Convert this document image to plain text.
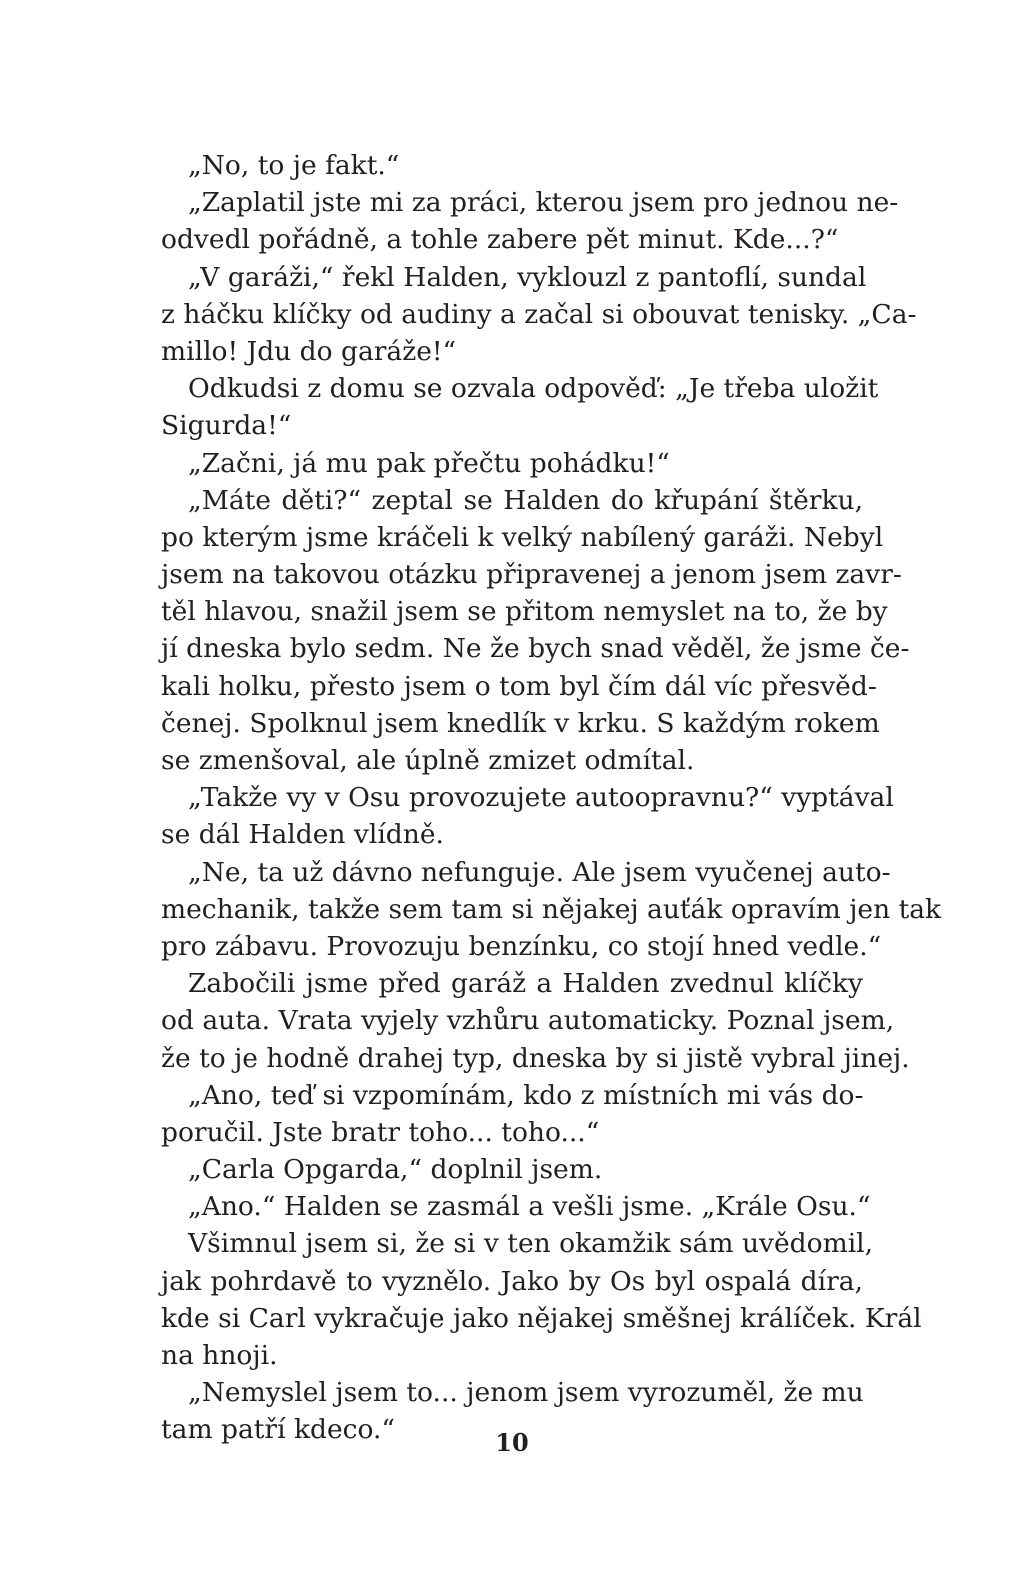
„No, to je fakt.“
„Zaplatil jste mi za práci, kterou jsem pro jednou ne-
odvedl pořádně, a tohle zabere pět minut. Kde...?“
„V garáži,“ řekl Halden, vyklouzl z pantoflí, sundal
z háčku klíčky od audiny a začal si obouvat tenisky. „Ca-
millo! Jdu do garáže!“
Odkudsi z domu se ozvala odpověď: „Je třeba uložit
Sigurda!“
„Začni, já mu pak přečtu pohádku!“
„Máte děti?“ zeptal se Halden do křupání štěrku,
po kterým jsme kráčeli k velký nabílený garáži. Nebyl
jsem na takovou otázku připravenej a jenom jsem zavr-
těl hlavou, snažil jsem se přitom nemyslet na to, že by
jí dneska bylo sedm. Ne že bych snad věděl, že jsme če-
kali holku, přesto jsem o tom byl čím dál víc přesvěd-
čenej. Spolknul jsem knedlík v krku. S každým rokem
se zmenšoval, ale úplně zmizet odmítal.
„Takže vy v Osu provozujete autoopravnu?“ vyptával
se dál Halden vlídně.
„Ne, ta už dávno nefunguje. Ale jsem vyučenej auto-
mechanik, takže sem tam si nějakej auťák opravím jen tak
pro zábavu. Provozuju benzínku, co stojí hned vedle.“
Zabočili jsme před garáž a Halden zvednul klíčky
od auta. Vrata vyjely vzhůru automaticky. Poznal jsem,
že to je hodně drahej typ, dneska by si jistě vybral jinej.
„Ano, teď si vzpomínám, kdo z místních mi vás do-
poručil. Jste bratr toho... toho...“
„Carla Opgarda,“ doplnil jsem.
„Ano.“ Halden se zasmál a vešli jsme. „Krále Osu.“
Všimnul jsem si, že si v ten okamžik sám uvědomil,
jak pohrdavě to vyznělo. Jako by Os byl ospalá díra,
kde si Carl vykračuje jako nějakej směšnej králíček. Král
na hnoji.
„Nemyslel jsem to... jenom jsem vyrozuměl, že mu
tam patří kdeco.“	10
